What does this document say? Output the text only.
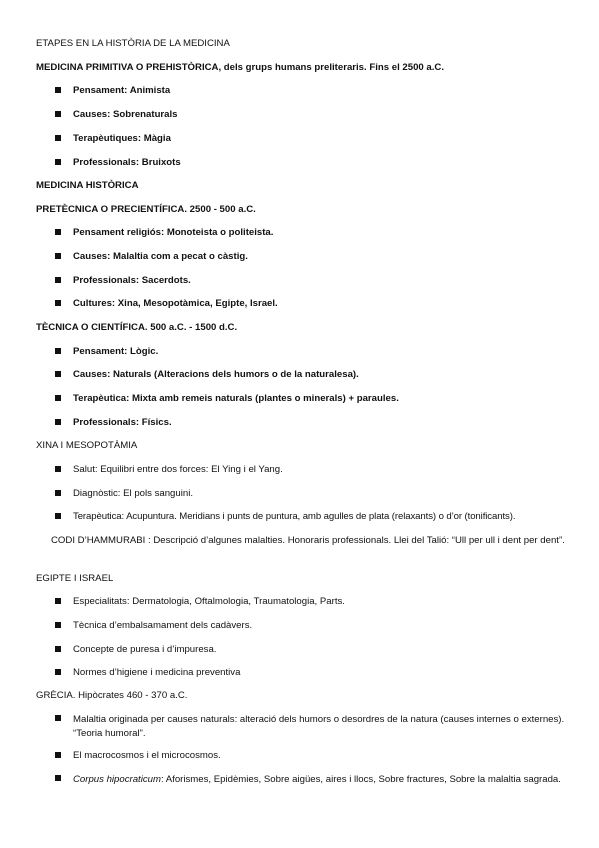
ETAPES EN LA HISTÒRIA DE LA MEDICINA
MEDICINA PRIMITIVA O PREHISTÒRICA, dels grups humans preliteraris. Fins el 2500 a.C.
Pensament: Animista
Causes: Sobrenaturals
Terapèutiques: Màgia
Professionals: Bruixots
MEDICINA HISTÒRICA
PRETÈCNICA O PRECIENTÍFICA. 2500 - 500 a.C.
Pensament religiós: Monoteista o politeista.
Causes: Malaltia com a pecat o càstig.
Professionals: Sacerdots.
Cultures: Xina, Mesopotàmica, Egipte, Israel.
TÈCNICA O CIENTÍFICA. 500 a.C. - 1500 d.C.
Pensament: Lògic.
Causes: Naturals (Alteracions dels humors o de la naturalesa).
Terapèutica: Mixta amb remeis naturals (plantes o minerals) + paraules.
Professionals: Físics.
XINA I MESOPOTÀMIA
Salut: Equilibri entre dos forces: El Ying i el Yang.
Diagnòstic: El pols sanguini.
Terapèutica: Acupuntura. Meridians i punts de puntura, amb agulles de plata (relaxants) o d’or (tonificants).
CODI D’HAMMURABI : Descripció d’algunes malalties. Honoraris professionals. Llei del Talió: “Ull per ull i dent per dent”.
EGIPTE I ISRAEL
Especialitats: Dermatologia, Oftalmologia, Traumatologia, Parts.
Tècnica d’embalsamament dels cadàvers.
Concepte de puresa i d’impuresa.
Normes d’higiene i medicina preventiva
GRÈCIA. Hipòcrates 460 - 370 a.C.
Malaltia originada per causes naturals: alteració dels humors o desordres de la natura (causes internes o externes). “Teoria humoral”.
El macrocosmos i el microcosmos.
Corpus hipocraticum: Aforismes, Epidèmies, Sobre aigües, aires i llocs, Sobre fractures, Sobre la malaltia sagrada.
